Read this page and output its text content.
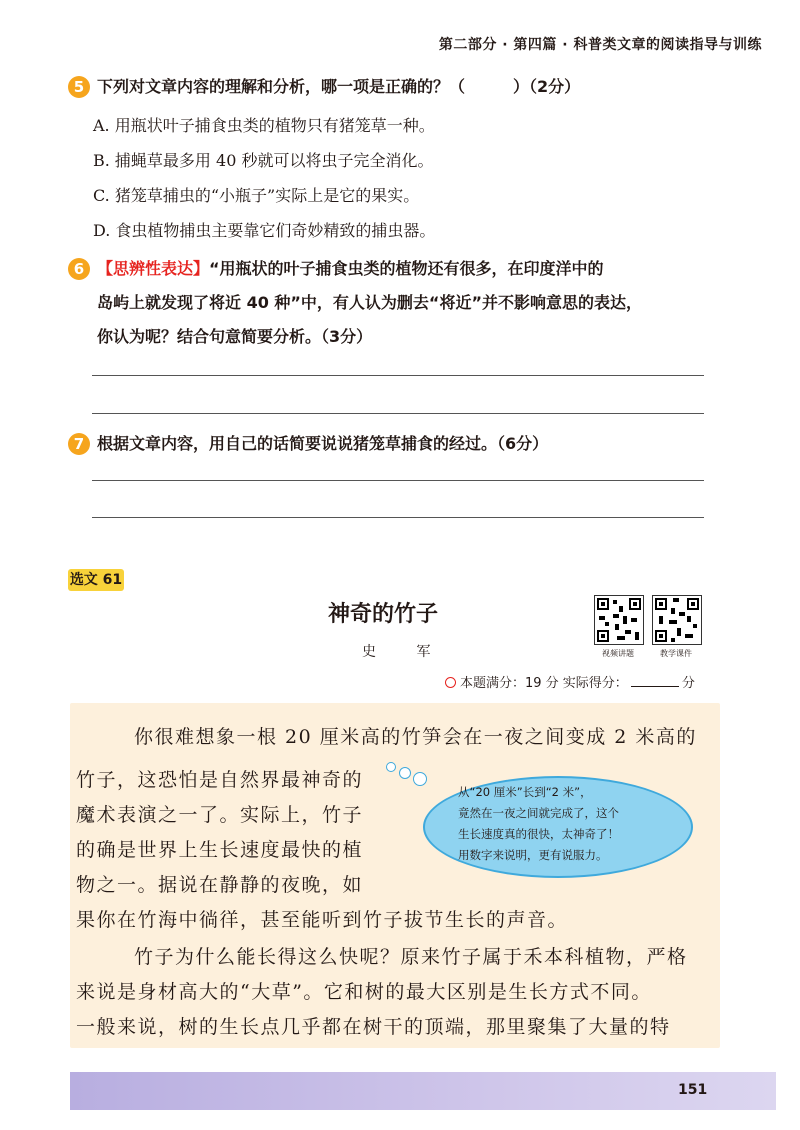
第二部分 · 第四篇 · 科普类文章的阅读指导与训练
5 下列对文章内容的理解和分析，哪一项是正确的？（	）（2分）
A. 用瓶状叶子捕食虫类的植物只有猪笼草一种。
B. 捕蝇草最多用 40 秒就可以将虫子完全消化。
C. 猪笼草捕虫的“小瓶子”实际上是它的果实。
D. 食虫植物捕虫主要靠它们奇妙精致的捕虫器。
6 【思辨性表达】“用瓶状的叶子捕食虫类的植物还有很多，在印度洋中的
岛屿上就发现了将近 40 种”中，有人认为删去“将近”并不影响意思的表达，
你认为呢？结合句意简要分析。（3分）
7 根据文章内容，用自己的话简要说说猪笼草捕食的经过。（6分）
选文 61
神奇的竹子
史 军	视频讲题	教学课件
本题满分：19 分 实际得分：	分
你很难想象一根 20 厘米高的竹笋会在一夜之间变成 2 米高的
竹子，这恐怕是自然界最神奇的
魔术表演之一了。实际上，竹子
的确是世界上生长速度最快的植
物之一。据说在静静的夜晚，如
果你在竹海中徜徉，甚至能听到竹子拔节生长的声音。
竹子为什么能长得这么快呢？原来竹子属于禾本科植物，严格
来说是身材高大的“大草”。它和树的最大区别是生长方式不同。
一般来说，树的生长点几乎都在树干的顶端，那里聚集了大量的特
从“20 厘米”长到“2 米”，
竟然在一夜之间就完成了，这个
生长速度真的很快，太神奇了！
用数字来说明，更有说服力。
151
